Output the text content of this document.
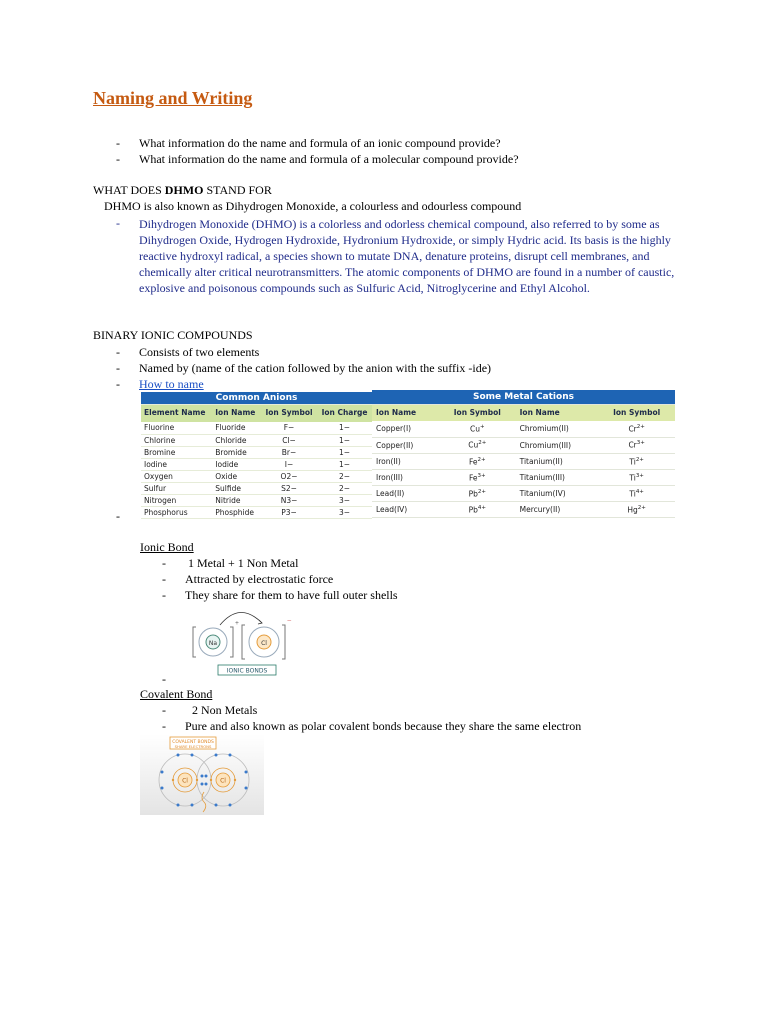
Naming and Writing
- What information do the name and formula of an ionic compound provide?
- What information do the name and formula of a molecular compound provide?
WHAT DOES DHMO STAND FOR
DHMO is also known as Dihydrogen Monoxide, a colourless and odourless compound
- Dihydrogen Monoxide (DHMO) is a colorless and odorless chemical compound, also referred to by some as Dihydrogen Oxide, Hydrogen Hydroxide, Hydronium Hydroxide, or simply Hydric acid. Its basis is the highly reactive hydroxyl radical, a species shown to mutate DNA, denature proteins, disrupt cell membranes, and chemically alter critical neurotransmitters. The atomic components of DHMO are found in a number of caustic, explosive and poisonous compounds such as Sulfuric Acid, Nitroglycerine and Ethyl Alcohol.
BINARY IONIC COMPOUNDS
- Consists of two elements
- Named by (name of the cation followed by the anion with the suffix -ide)
- How to name
Common Anions			
Element Name	Ion Name	Ion Symbol	Ion Charge
Fluorine	Fluoride	F−	1−
Chlorine	Chloride	Cl−	1−
Bromine	Bromide	Br−	1−
Iodine	Iodide	I−	1−
Oxygen	Oxide	O2−	2−
Sulfur	Sulfide	S2−	2−
Nitrogen	Nitride	N3−	3−
Phosphorus	Phosphide	P3−	3−
-
Some Metal Cations			
Ion Name	Ion Symbol	Ion Name	Ion Symbol
Copper(I)	Cu+	Chromium(II)	$Cr^{2+}$
Copper(II)	$Cu^{2+}$	Chromium(III)	$Cr^{3+}$
Iron(II)	$Fe^{2+}$	Titanium(II)	$Ti^{2+}$
Iron(III)	$Fe^{3+}$	Titanium(III)	$Ti^{3+}$
Lead(II)	$Pb^{2+}$	Titanium(IV)	$Ti^{4+}$
Lead(IV)	$Pb^{4+}$	Mercury(II)	$Hg^{2+}$
Ionic Bond
- 1 Metal + 1 Non Metal
- Attracted by electrostatic force
- They share for them to have full outer shells
Na	Cl
+	−
IONIC BONDS
-
Covalent Bond
- 2 Non Metals
- Pure and also known as polar covalent bonds because they share the same electron
COVALENT BONDS
SHARE ELECTRONS
Cl	Cl
